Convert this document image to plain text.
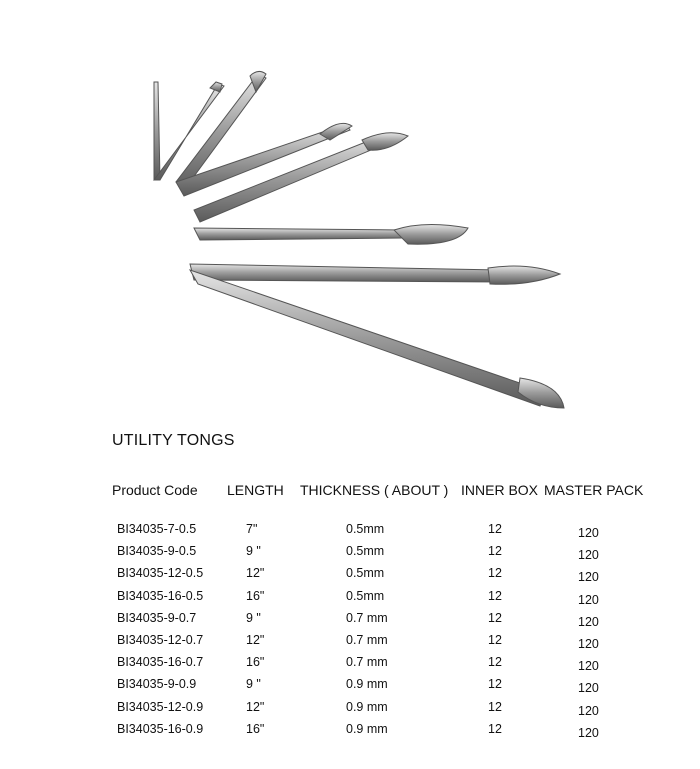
UTILITY TONGS
Product Code LENGTH THICKNESS ( ABOUT ) INNER BOX MASTER PACK
BI34035-7-0.5	7"	0.5mm	12	120
BI34035-9-0.5	9 "	0.5mm	12	120
BI34035-12-0.5	12"	0.5mm	12	120
BI34035-16-0.5	16"	0.5mm	12	120
BI34035-9-0.7	9 "	0.7 mm	12	120
BI34035-12-0.7	12"	0.7 mm	12	120
BI34035-16-0.7	16"	0.7 mm	12	120
BI34035-9-0.9	9 "	0.9 mm	12	120
BI34035-12-0.9	12"	0.9 mm	12	120
BI34035-16-0.9	16"	0.9 mm	12	120
